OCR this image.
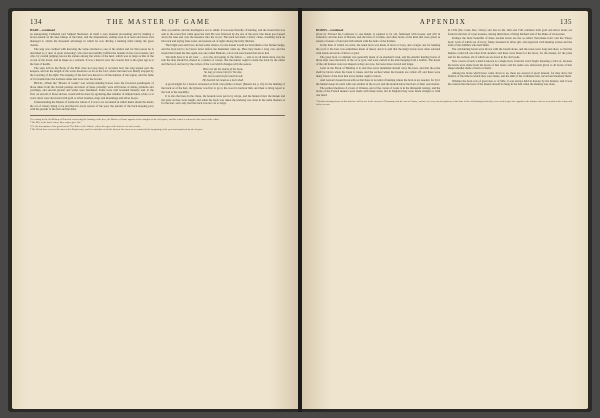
134	THE MASTER OF GAME

HART—continued

an enterprising Cathedral lord Samuel Nadsonet, in itself a very unusual proceeding and by making a broad assault on the deer bishop of the latter, and the disputations, ending soon in at least and down, had managed to obtain the thousand advantage in which he was driving a hunting mule taking the great charter.

The stag was credited with knowing the value attached to one of his antlers and for this reason he is described as 'a deer of great reckoning', who had successfully baffled the hounds in his own bounds, and who, by careful judging, knows his stature among the whole of the herd, which was as large as that of the crown of the forest, and in shape as a roebuck. It was a marvel, how the courser that to his great age is at the best of health.

The saga told in the Book of the Hart does not stop here; it recounts how the stag leaped past the keepers, and ran the length of the water meadows as far as the ford, where the hunt was finally stopped by the lowering of the light. The leaping of the hart was known to all the hunters of the region, and the fame of it travelled into the northern dales and even over the border.

BUCK—When the "Master of Game" was written hunting horses were the favoured quadrupeds of those times from the Jewish perhaps and most of these probably were still bucks or hinds, pricketts and yearlings, and several greater and wider were furnished. Some were well bounded thereby; and, at the first, on several of those shaven, would still be done by agonising-like whether of simple hunts, wide; or at word, there were decorated with gold or silver brushes, rings and mountings and silver hoops.

Understanding the Master of Game the whole of it was to be recounted in which hunts should be made; the art of venery being to be practised in every season of the year, the pursuit of the buck keeping pace with the pursuit of the hart and the hind.

stile, is possible, and the intelligence not so small. It was seen friendly of hunting, and the hound that was sent to the water first came upon the trail. He was followed by the rest of the pack who made good speed down the lane and over the meadow into the wood. The buck led them a merry chase, doubling back on his track and laying false scent, and passed out of sight among the holly thickets.

The bright ears and brow, he had some chance, for the hound would not hold them to the further hedge, and the horn had to be blown twice before the huntsmen came up. Here they made a long cast, and the hound that found the line again was one called Bemont, a slow but sure hound that never lied.

'We shall have it in all wise' — as is the old saying of the fellow — and so in all kinds there was the rule the deer should be chased as a matter of course, that the hunter ought to mark the buck by the antler and the hoof, and not by the colour of the coat which changes with the season.

Here are all the marks of the buck,
So may ye know him fro' the doe,
His horns and his feet and his tail,
He beareth his head as a hart shall.

A good length for a buck is reckoned as from 'one palme or more' (Master 44, p. 22). In the hunting of the buck as of the hart, the lymerer was first to go to the wood to harbour him, and then to bring report to the lord at the assembly.

It is also that here in the chase, the hounds were put in by relays, and the hunters blew the menée and the prise as they were taught, and when the buck was taken the undoing was done in the same manner as for the hart, save only that the buck was not cut so large.

¹ In writing to the old Bishop of Norwich concerning the hunting of the deer, the Master of Game appears in the margins of the old copies, and the reader is referred to the notes of the editor.

² The MS. reads 'buck' where later copies give 'doe'.

³ Cf. the description of the great hart in 'The Boke of St. Albans', where the ages of the hart are set out in order.

⁴ The Welsh laws reserved the hart as the King's beast, and it is said that of old the harts of the forest were counted at the beginning of the year and numbered by the keepers.

APPENDIX	135

HORNS—continued

given by Edward the Confessor to one Ralph, is reputed to be old, fashioned with bosses, and still in existence; and the horn of Borstal, and the horn of Carlisle, and other horns of the kind that were given as tokens of tenure of land and still remain with the heirs of the holders.

In the time of which we write, the usual horn was made of horn or ivory, and a larger one for hunting the wolf or the bear was sometimes made of metal, and it is said that the king's horns were often adorned with bands and ends of silver or gold.

The great horn or oliphant was generally made of an elephant's tusk, and the smaller hunting horns of those days were the horns of the ox or goat, and were carried at the side hanging from a baldric. The horns of the old hunters were not shaped as they are now, but were more curved and larger.

Later in the Book of Hunting it is said that every huntsman should carry his horn, and that the prise shall be blown when the beast is taken, and the recheat when the hounds are called off; and there were many blasts of the horn that every hunter ought to know.

And Gaston's hound book tells us that there is no kind of hunting where the horn is not needed, for by it the hunters keep in touch with one another in the wood, and the hounds know the horn of their own master.

The earliest mention of a horn of Orleans, and of the cornet of Louis is in the thirteenth century, and the horns of the French hunters were made with many turns, but in England they were made straight or with one bend.

in 1334 (Inv. Lune. Rec. Chan.) and also in the 14th and 15th centuries both gold and silver horns are found in the lists of royal treasure, among them those of King Richard and of the Duke of Gloucester.

Perhaps the most beautiful of these ancient horns are the so-called 'Savernake horn' and the 'Pusey horn', both of which are of ivory, finely mounted in silver gilt, and engraved with hunting scenes and the arms of the families who held them.

The old hunting horns were blown with the breath alone, and the notes were long and short, so that the hunters could tell one blast from another; and there were blasts for the moot, for the menée, for the prise and for the recheat, all of which are set down in the old books.

Now a horn of such a kind is known as a bugle horn, from the word 'bugle' meaning a wild ox, because the horns were made from the horns of that beast; and the name was afterwards given to all horns of that shape whether made of horn or metal.

Among the horns which have come down to us, there are several of great interest, for they show the fashion of the time in which they were made, and the skill of the craftsmen who carved and mounted them.

Whether the horn was of great size or of little, it was always held in honour by the hunters, and it was the custom that the horn of the master should be hung in the hall when the hunting was done.

¹ Wooden hunting-horns of this kind are still in use in the forests of Normandy and the east of France, and are of a very ancient pattern; in the time of the old hunting books they were used to give the signals to the hunters who were posted at the relays and in the coverts.
